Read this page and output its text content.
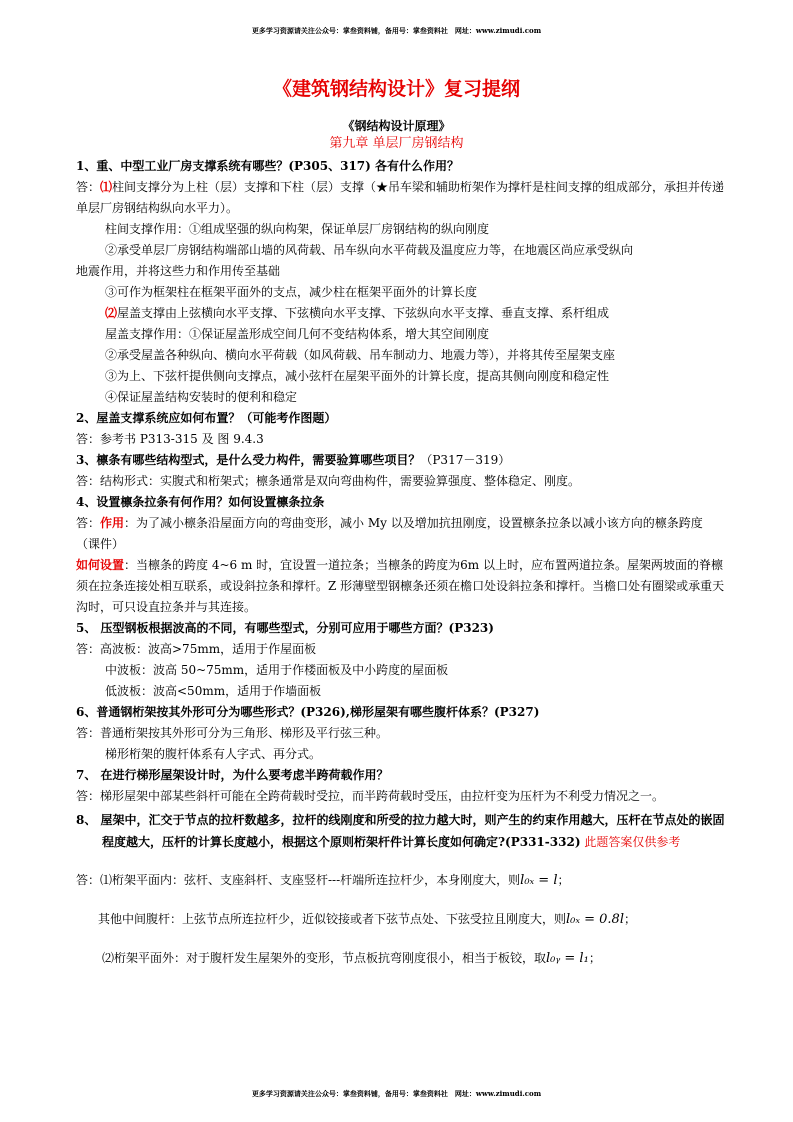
更多学习资源请关注公众号：掌叁资料铺，备用号：掌叁资料社　网址：www.zimudi.com
《建筑钢结构设计》复习提纲
《钢结构设计原理》
第九章 单层厂房钢结构

1、重、中型工业厂房支撑系统有哪些？(P305、317) 各有什么作用？

答：⑴柱间支撑分为上柱（层）支撑和下柱（层）支撑（★吊车梁和辅助桁架作为撑杆是柱间支撑的组成部分，承担并传递单层厂房钢结构纵向水平力）。

柱间支撑作用：①组成坚强的纵向构架，保证单层厂房钢结构的纵向刚度

②承受单层厂房钢结构端部山墙的风荷载、吊车纵向水平荷载及温度应力等，在地震区尚应承受纵向

地震作用，并将这些力和作用传至基础

③可作为框架柱在框架平面外的支点，减少柱在框架平面外的计算长度

⑵屋盖支撑由上弦横向水平支撑、下弦横向水平支撑、下弦纵向水平支撑、垂直支撑、系杆组成

屋盖支撑作用：①保证屋盖形成空间几何不变结构体系，增大其空间刚度

②承受屋盖各种纵向、横向水平荷载（如风荷载、吊车制动力、地震力等），并将其传至屋架支座

③为上、下弦杆提供侧向支撑点，减小弦杆在屋架平面外的计算长度，提高其侧向刚度和稳定性

④保证屋盖结构安装时的便利和稳定

2、屋盖支撑系统应如何布置？（可能考作图题）

答：参考书 P313-315 及 图 9.4.3

3、檩条有哪些结构型式，是什么受力构件，需要验算哪些项目？（P317－319）

答：结构形式：实腹式和桁架式；檩条通常是双向弯曲构件，需要验算强度、整体稳定、刚度。

4、设置檩条拉条有何作用？如何设置檩条拉条

答：作用：为了减小檩条沿屋面方向的弯曲变形，减小 My 以及增加抗扭刚度，设置檩条拉条以减小该方向的檩条跨度（课件）

如何设置：当檩条的跨度 4~6 m 时，宜设置一道拉条；当檩条的跨度为6m 以上时，应布置两道拉条。屋架两坡面的脊檩须在拉条连接处相互联系，或设斜拉条和撑杆。Z 形薄壁型钢檩条还须在檐口处设斜拉条和撑杆。当檐口处有圈梁或承重天沟时，可只设直拉条并与其连接。

5、 压型钢板根据波高的不同，有哪些型式，分别可应用于哪些方面？(P323)

答：高波板：波高>75mm，适用于作屋面板

中波板：波高 50~75mm，适用于作楼面板及中小跨度的屋面板

低波板：波高<50mm，适用于作墙面板

6、普通钢桁架按其外形可分为哪些形式？(P326),梯形屋架有哪些腹杆体系？(P327)

答：普通桁架按其外形可分为三角形、梯形及平行弦三种。

梯形桁架的腹杆体系有人字式、再分式。

7、 在进行梯形屋架设计时，为什么要考虑半跨荷载作用？

答：梯形屋架中部某些斜杆可能在全跨荷载时受拉，而半跨荷载时受压，由拉杆变为压杆为不利受力情况之一。

8、 屋架中，汇交于节点的拉杆数越多，拉杆的线刚度和所受的拉力越大时，则产生的约束作用越大，压杆在节点处的嵌固程度越大，压杆的计算长度越小，根据这个原则桁架杆件计算长度如何确定?(P331-332) 此题答案仅供参考

答：⑴桁架平面内：弦杆、支座斜杆、支座竖杆---杆端所连拉杆少，本身刚度大，则l₀ₓ = l；

其他中间腹杆：上弦节点所连拉杆少，近似铰接或者下弦节点处、下弦受拉且刚度大，则l₀ₓ = 0.8l；

⑵桁架平面外：对于腹杆发生屋架外的变形，节点板抗弯刚度很小，相当于板铰，取l₀ᵧ = l₁；

更多学习资源请关注公众号：掌叁资料铺，备用号：掌叁资料社　网址：www.zimudi.com
